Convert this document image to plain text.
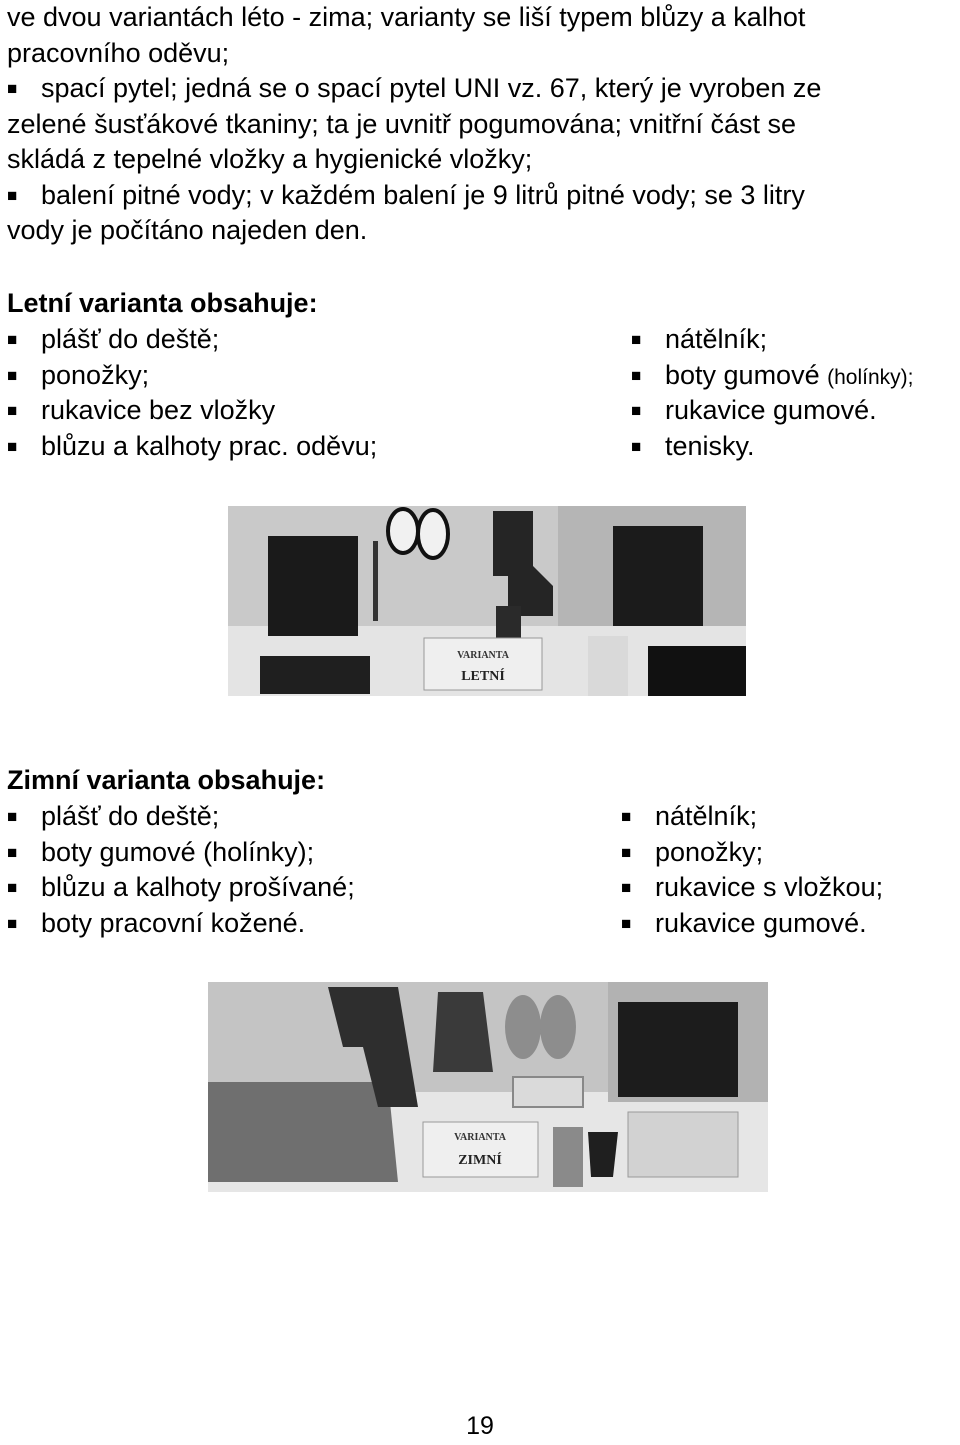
ve dvou variantách léto - zima; varianty se liší typem blůzy a kalhot
pracovního oděvu;
■ spací pytel; jedná se o spací pytel UNI vz. 67, který je vyroben ze
zelené šusťákové tkaniny; ta je uvnitř pogumována; vnitřní část se
skládá z tepelné vložky a hygienické vložky;
■ balení pitné vody; v každém balení je 9 litrů pitné vody; se 3 litry
vody je počítáno najeden den.
Letní varianta obsahuje:
■ plášť do deště;
■ ponožky;
■ rukavice bez vložky
■ blůzu a kalhoty prac. oděvu;
■ nátělník;
■ boty gumové (holínky);
■ rukavice gumové.
■ tenisky.
VARIANTA
LETNÍ
Zimní varianta obsahuje:
■ plášť do deště;
■ boty gumové (holínky);
■ blůzu a kalhoty prošívané;
■ boty pracovní kožené.
■ nátělník;
■ ponožky;
■ rukavice s vložkou;
■ rukavice gumové.
VARIANTA
ZIMNÍ
19
